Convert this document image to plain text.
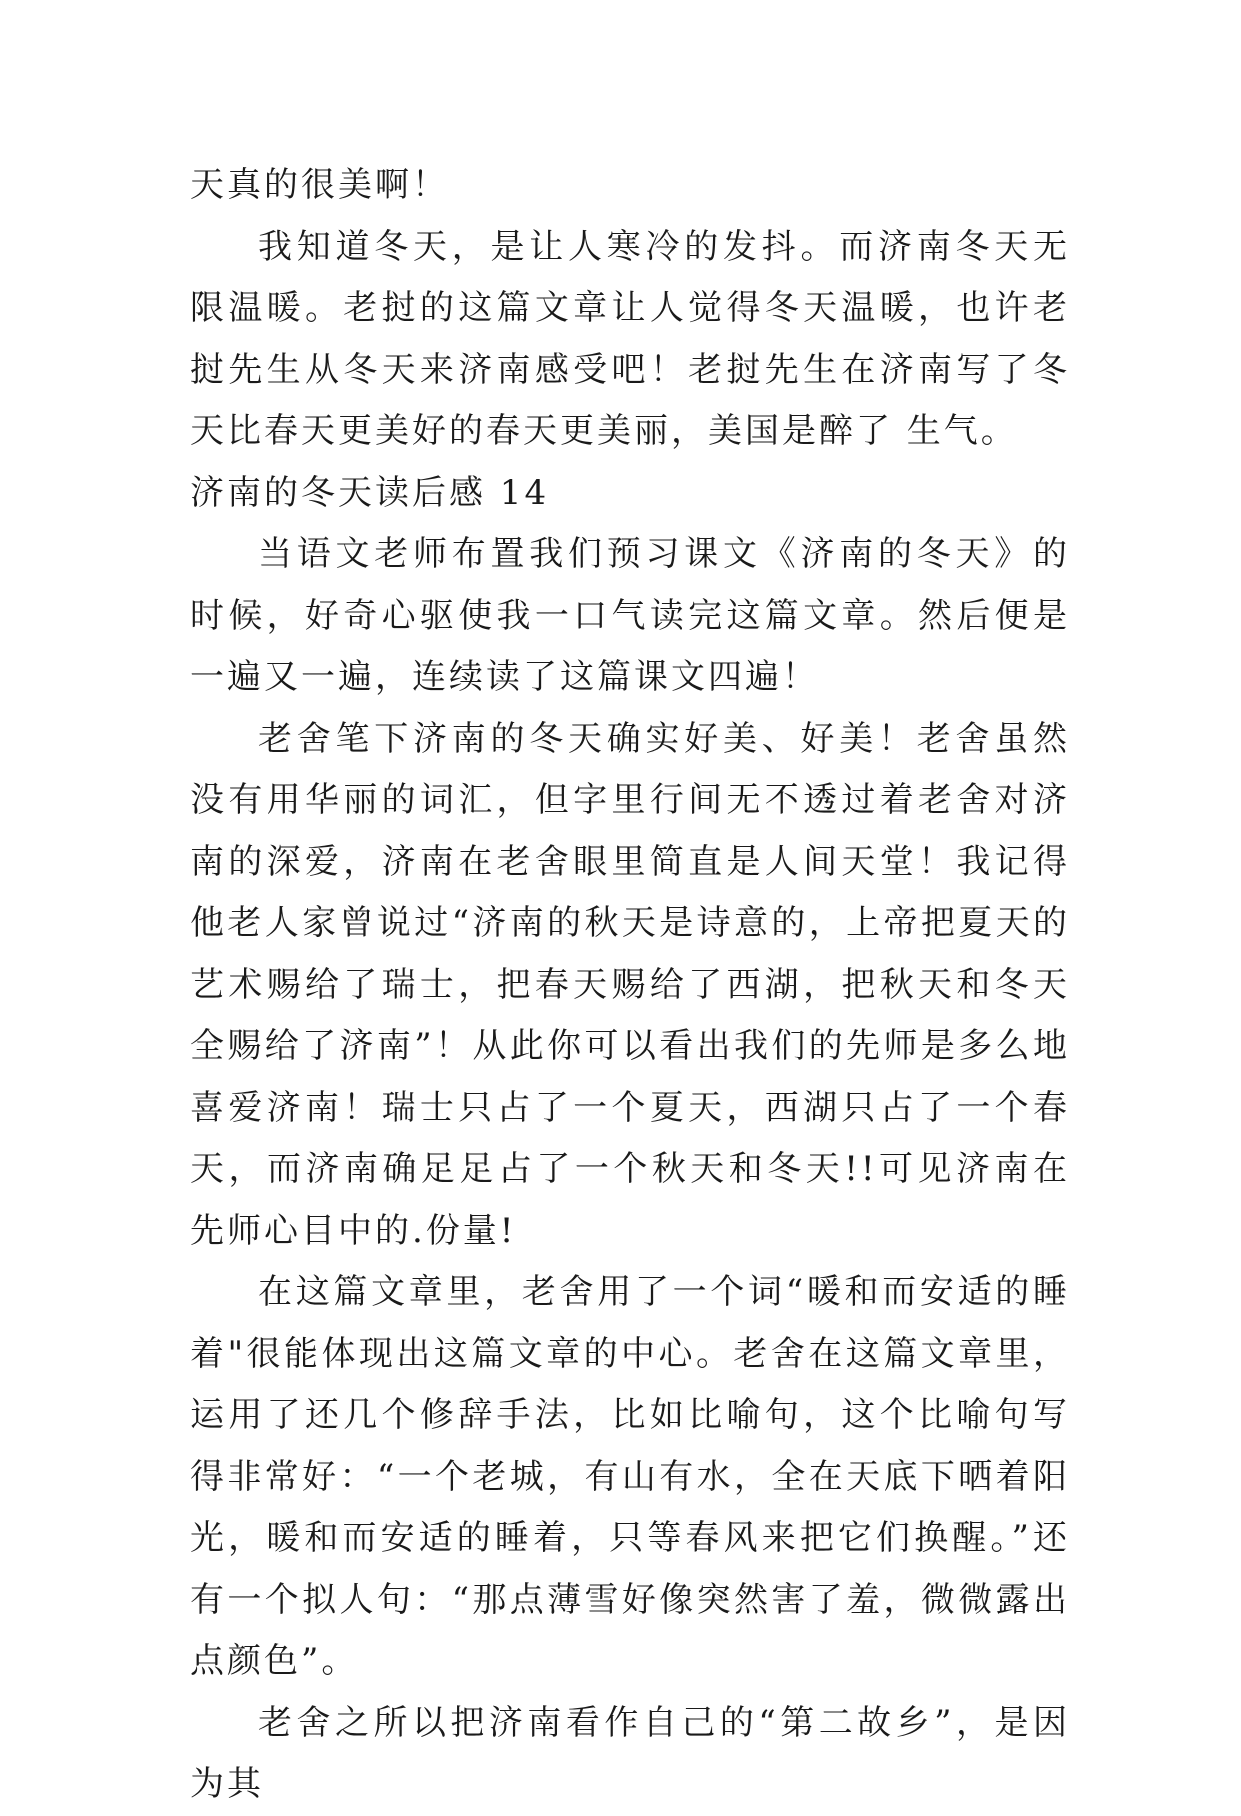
天真的很美啊！

我知道冬天，是让人寒冷的发抖。而济南冬天无限温暖。老挝的这篇文章让人觉得冬天温暖，也许老挝先生从冬天来济南感受吧！老挝先生在济南写了冬天比春天更美好的春天更美丽，美国是醉了 生气。

济南的冬天读后感 14

当语文老师布置我们预习课文《济南的冬天》的时候，好奇心驱使我一口气读完这篇文章。然后便是一遍又一遍，连续读了这篇课文四遍！

老舍笔下济南的冬天确实好美、好美！老舍虽然没有用华丽的词汇，但字里行间无不透过着老舍对济南的深爱，济南在老舍眼里简直是人间天堂！我记得他老人家曾说过“济南的秋天是诗意的，上帝把夏天的艺术赐给了瑞士，把春天赐给了西湖，把秋天和冬天全赐给了济南”！从此你可以看出我们的先师是多么地喜爱济南！瑞士只占了一个夏天，西湖只占了一个春天，而济南确足足占了一个秋天和冬天!!可见济南在先师心目中的.份量!

在这篇文章里，老舍用了一个词“暖和而安适的睡着"很能体现出这篇文章的中心。老舍在这篇文章里，运用了还几个修辞手法，比如比喻句，这个比喻句写得非常好：“一个老城，有山有水，全在天底下晒着阳光，暖和而安适的睡着，只等春风来把它们换醒。”还有一个拟人句：“那点薄雪好像突然害了羞，微微露出点颜色”。

老舍之所以把济南看作自己的“第二故乡”，是因为其
